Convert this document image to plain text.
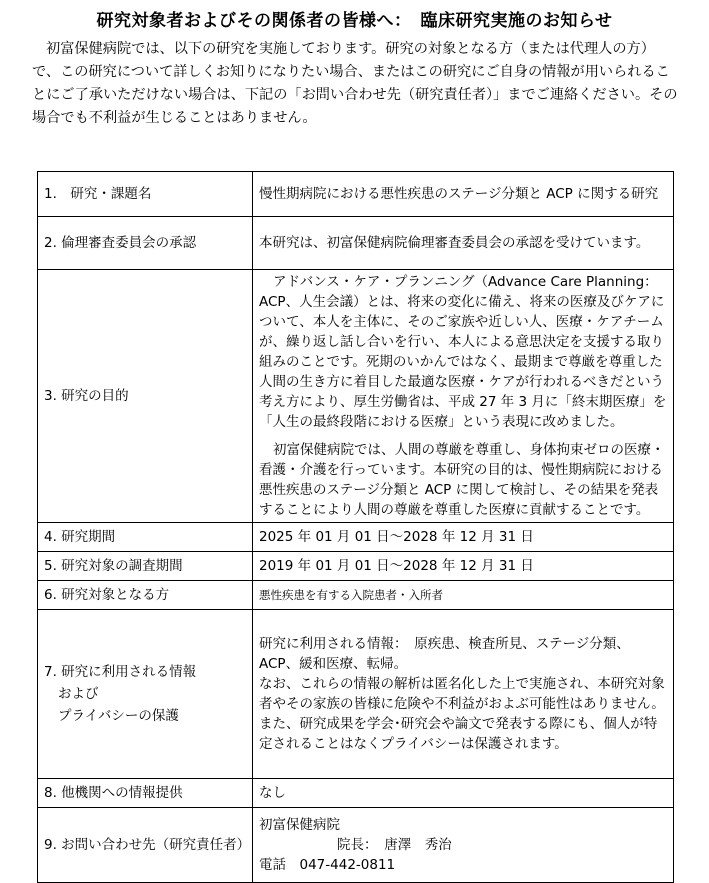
研究対象者およびその関係者の皆様へ：　臨床研究実施のお知らせ

初富保健病院では、以下の研究を実施しております。研究の対象となる方（または代理人の方）で、この研究について詳しくお知りになりたい場合、またはこの研究にご自身の情報が用いられることにご了承いただけない場合は、下記の「お問い合わせ先（研究責任者）」までご連絡ください。その場合でも不利益が生じることはありません。

1.　研究・課題名	慢性期病院における悪性疾患のステージ分類と ACP に関する研究
2. 倫理審査委員会の承認	本研究は、初富保健病院倫理審査委員会の承認を受けています。
3. 研究の目的	アドバンス・ケア・プランニング（Advance Care Planning：ACP、人生会議）とは、将来の変化に備え、将来の医療及びケアについて、本人を主体に、そのご家族や近しい人、医療・ケアチームが、繰り返し話し合いを行い、本人による意思決定を支援する取り組みのことです。死期のいかんではなく、最期まで尊厳を尊重した人間の生き方に着目した最適な医療・ケアが行われるべきだという考え方により、厚生労働省は、平成 27 年 3 月に「終末期医療」を「人生の最終段階における医療」という表現に改めました。

初富保健病院では、人間の尊厳を尊重し、身体拘束ゼロの医療・看護・介護を行っています。本研究の目的は、慢性期病院における悪性疾患のステージ分類と ACP に関して検討し、その結果を発表することにより人間の尊厳を尊重した医療に貢献することです。

4. 研究期間	2025 年 01 月 01 日～2028 年 12 月 31 日
5. 研究対象の調査期間	2019 年 01 月 01 日～2028 年 12 月 31 日
6. 研究対象となる方	悪性疾患を有する入院患者・入所者

7. 研究に利用される情報
および
プライバシーの保護	研究に利用される情報：　原疾患、検査所見、ステージ分類、ACP、緩和医療、転帰。
なお、これらの情報の解析は匿名化した上で実施され、本研究対象者やその家族の皆様に危険や不利益がおよぶ可能性はありません。また、研究成果を学会･研究会や論文で発表する際にも、個人が特定されることはなくプライバシーは保護されます。

8. 他機関への情報提供	なし
9. お問い合わせ先（研究責任者）	初富保健病院
院長：　唐澤　秀治
電話　047-442-0811
